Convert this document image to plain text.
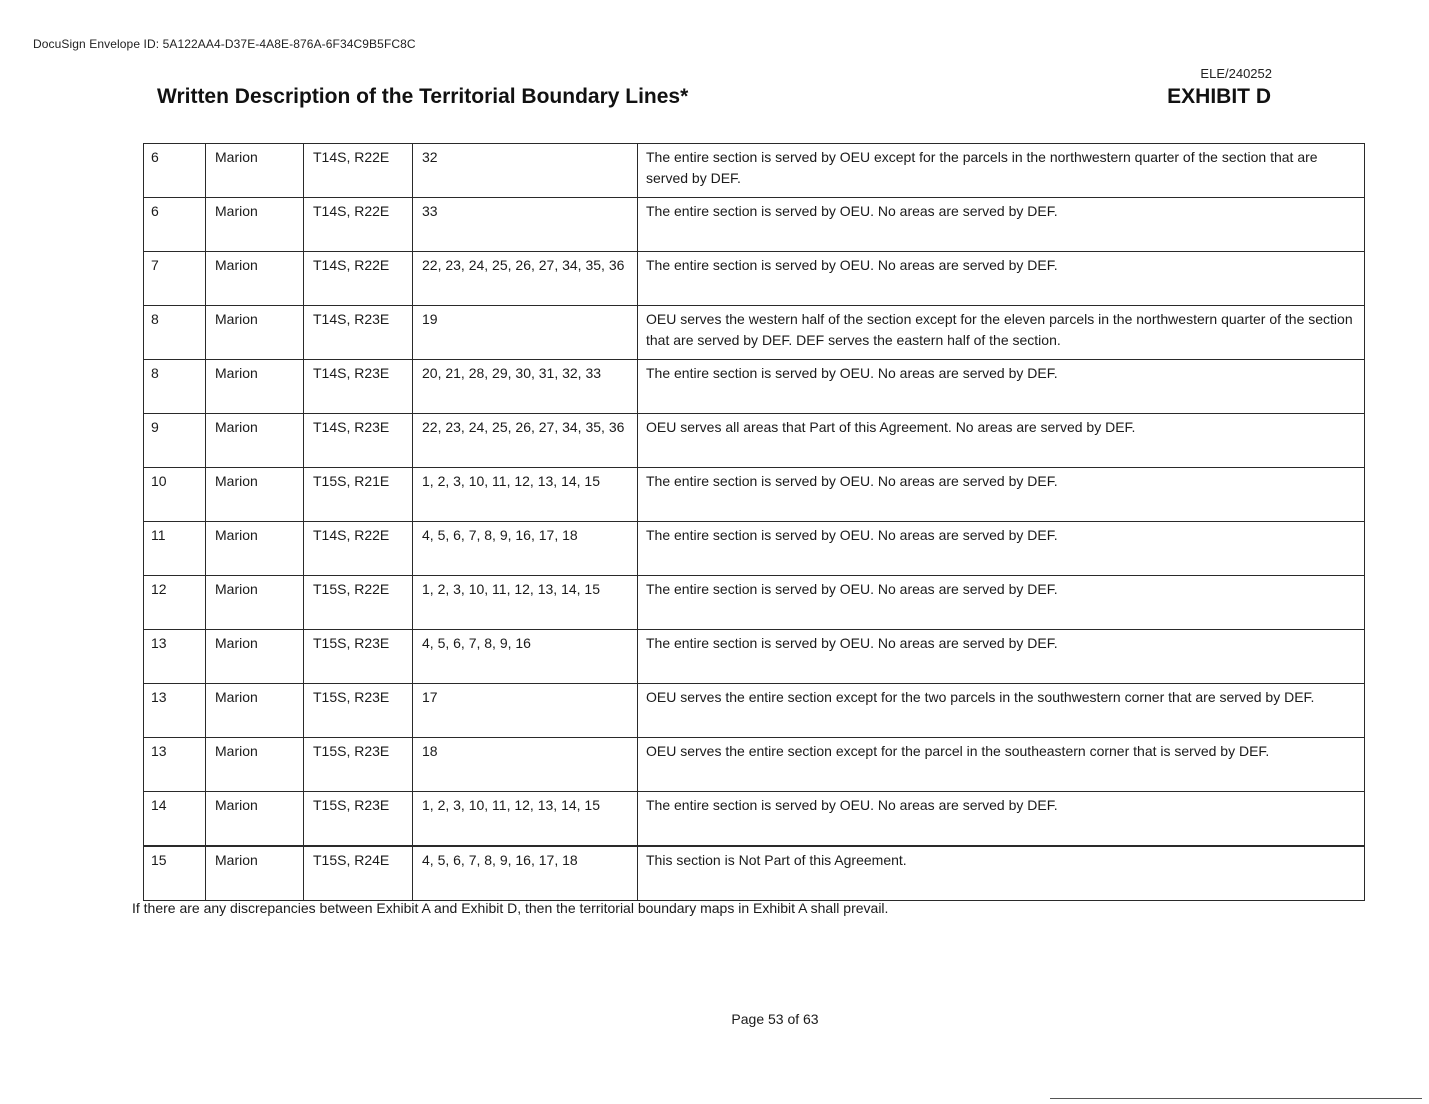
DocuSign Envelope ID: 5A122AA4-D37E-4A8E-876A-6F34C9B5FC8C
ELE/240252
Written Description of the Territorial Boundary Lines*	EXHIBIT D
6	Marion	T14S, R22E	32	The entire section is served by OEU except for the parcels in the northwestern quarter of the section that are served by DEF.
6	Marion	T14S, R22E	33	The entire section is served by OEU. No areas are served by DEF.
7	Marion	T14S, R22E	22, 23, 24, 25, 26, 27, 34, 35, 36	The entire section is served by OEU. No areas are served by DEF.
8	Marion	T14S, R23E	19	OEU serves the western half of the section except for the eleven parcels in the northwestern quarter of the section that are served by DEF. DEF serves the eastern half of the section.
8	Marion	T14S, R23E	20, 21, 28, 29, 30, 31, 32, 33	The entire section is served by OEU. No areas are served by DEF.
9	Marion	T14S, R23E	22, 23, 24, 25, 26, 27, 34, 35, 36	OEU serves all areas that Part of this Agreement. No areas are served by DEF.
10	Marion	T15S, R21E	1, 2, 3, 10, 11, 12, 13, 14, 15	The entire section is served by OEU. No areas are served by DEF.
11	Marion	T14S, R22E	4, 5, 6, 7, 8, 9, 16, 17, 18	The entire section is served by OEU. No areas are served by DEF.
12	Marion	T15S, R22E	1, 2, 3, 10, 11, 12, 13, 14, 15	The entire section is served by OEU. No areas are served by DEF.
13	Marion	T15S, R23E	4, 5, 6, 7, 8, 9, 16	The entire section is served by OEU. No areas are served by DEF.
13	Marion	T15S, R23E	17	OEU serves the entire section except for the two parcels in the southwestern corner that are served by DEF.
13	Marion	T15S, R23E	18	OEU serves the entire section except for the parcel in the southeastern corner that is served by DEF.
14	Marion	T15S, R23E	1, 2, 3, 10, 11, 12, 13, 14, 15	The entire section is served by OEU. No areas are served by DEF.
15	Marion	T15S, R24E	4, 5, 6, 7, 8, 9, 16, 17, 18	This section is Not Part of this Agreement.
If there are any discrepancies between Exhibit A and Exhibit D, then the territorial boundary maps in Exhibit A shall prevail.
Page 53 of 63
